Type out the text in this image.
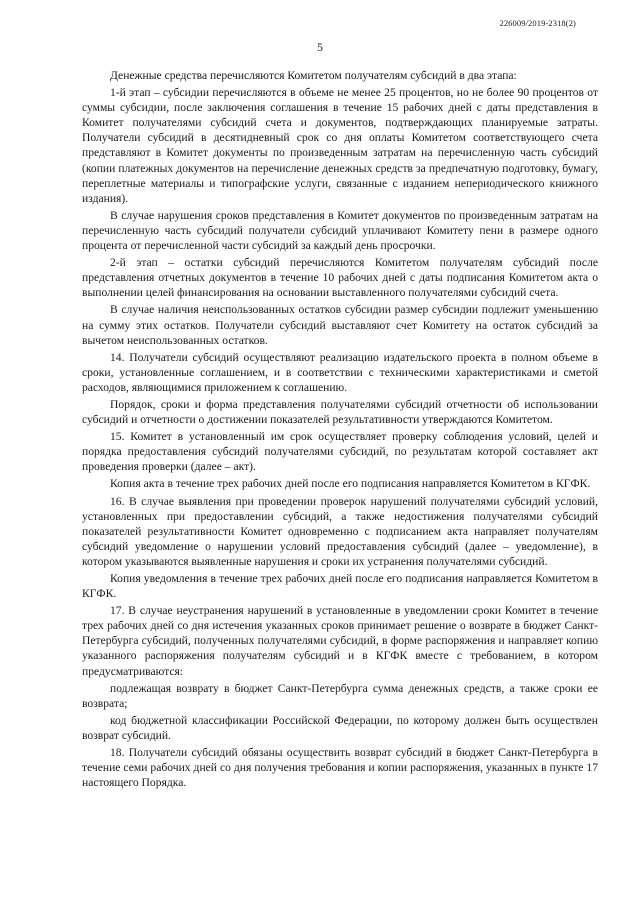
226009/2019-2318(2)
5

Денежные средства перечисляются Комитетом получателям субсидий в два этапа:

1-й этап – субсидии перечисляются в объеме не менее 25 процентов, но не более 90 процентов от суммы субсидии, после заключения соглашения в течение 15 рабочих дней с даты представления в Комитет получателями субсидий счета и документов, подтверждающих планируемые затраты. Получатели субсидий в десятидневный срок со дня оплаты Комитетом соответствующего счета представляют в Комитет документы по произведенным затратам на перечисленную часть субсидий (копии платежных документов на перечисление денежных средств за предпечатную подготовку, бумагу, переплетные материалы и типографские услуги, связанные с изданием непериодического книжного издания).

В случае нарушения сроков представления в Комитет документов по произведенным затратам на перечисленную часть субсидий получатели субсидий уплачивают Комитету пени в размере одного процента от перечисленной части субсидий за каждый день просрочки.

2-й этап – остатки субсидий перечисляются Комитетом получателям субсидий после представления отчетных документов в течение 10 рабочих дней с даты подписания Комитетом акта о выполнении целей финансирования на основании выставленного получателями субсидий счета.

В случае наличия неиспользованных остатков субсидии размер субсидии подлежит уменьшению на сумму этих остатков. Получатели субсидий выставляют счет Комитету на остаток субсидий за вычетом неиспользованных остатков.

14. Получатели субсидий осуществляют реализацию издательского проекта в полном объеме в сроки, установленные соглашением, и в соответствии с техническими характеристиками и сметой расходов, являющимися приложением к соглашению.

Порядок, сроки и форма представления получателями субсидий отчетности об использовании субсидий и отчетности о достижении показателей результативности утверждаются Комитетом.

15. Комитет в установленный им срок осуществляет проверку соблюдения условий, целей и порядка предоставления субсидий получателями субсидий, по результатам которой составляет акт проведения проверки (далее – акт).

Копия акта в течение трех рабочих дней после его подписания направляется Комитетом в КГФК.

16. В случае выявления при проведении проверок нарушений получателями субсидий условий, установленных при предоставлении субсидий, а также недостижения получателями субсидий показателей результативности Комитет одновременно с подписанием акта направляет получателям субсидий уведомление о нарушении условий предоставления субсидий (далее – уведомление), в котором указываются выявленные нарушения и сроки их устранения получателями субсидий.

Копия уведомления в течение трех рабочих дней после его подписания направляется Комитетом в КГФК.

17. В случае неустранения нарушений в установленные в уведомлении сроки Комитет в течение трех рабочих дней со дня истечения указанных сроков принимает решение о возврате в бюджет Санкт-Петербурга субсидий, полученных получателями субсидий, в форме распоряжения и направляет копию указанного распоряжения получателям субсидий и в КГФК вместе с требованием, в котором предусматриваются:

подлежащая возврату в бюджет Санкт-Петербурга сумма денежных средств, а также сроки ее возврата;

код бюджетной классификации Российской Федерации, по которому должен быть осуществлен возврат субсидий.

18. Получатели субсидий обязаны осуществить возврат субсидий в бюджет Санкт-Петербурга в течение семи рабочих дней со дня получения требования и копии распоряжения, указанных в пункте 17 настоящего Порядка.
